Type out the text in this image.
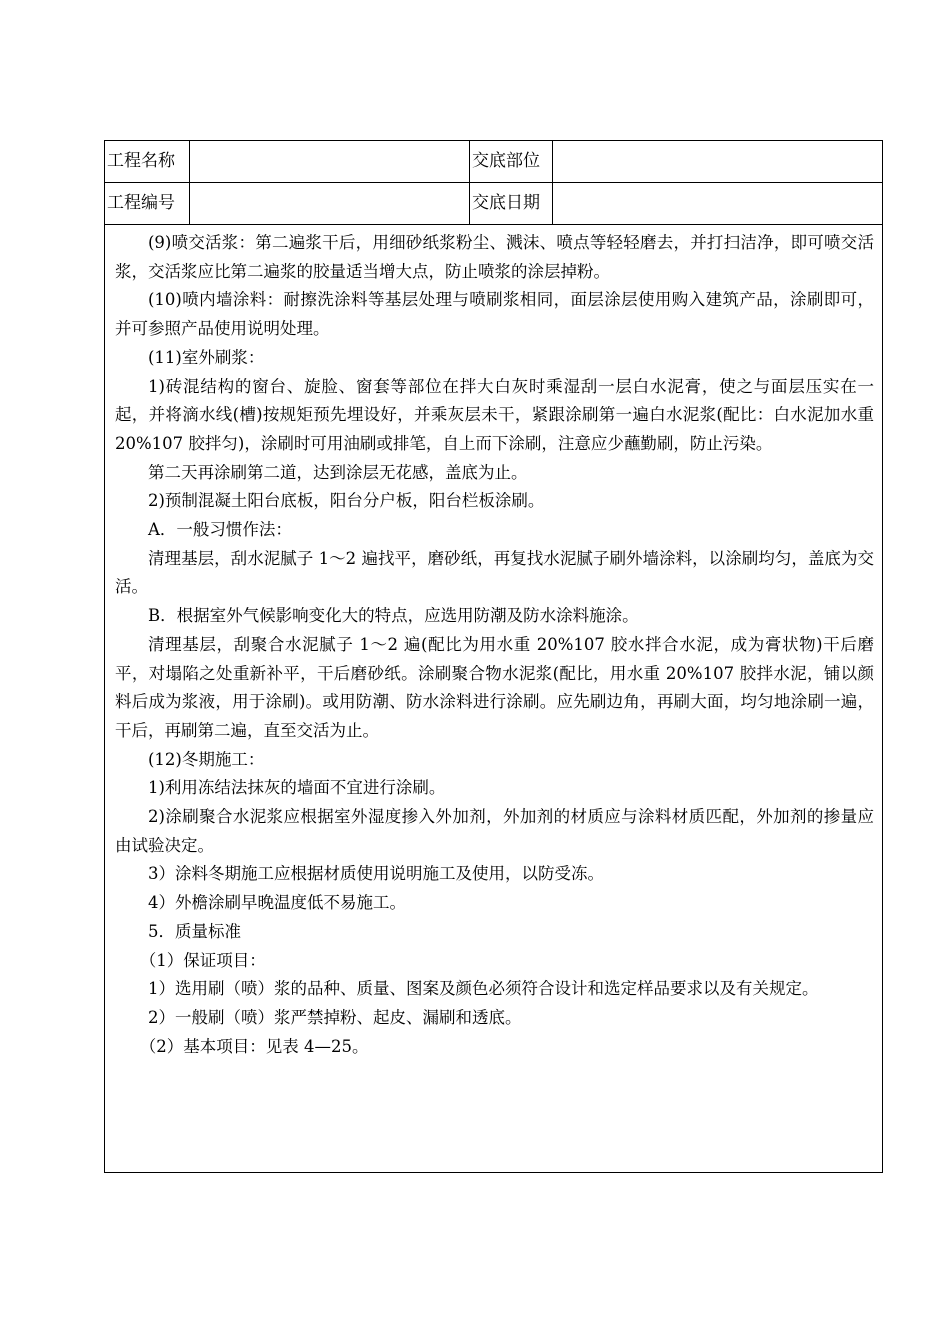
工程名称	交底部位
工程编号	交底日期

(9)喷交活浆：第二遍浆干后，用细砂纸浆粉尘、溅沫、喷点等轻轻磨去，并打扫洁净，即可喷交活浆，交活浆应比第二遍浆的胶量适当增大点，防止喷浆的涂层掉粉。

(10)喷内墙涂料：耐擦洗涂料等基层处理与喷刷浆相同，面层涂层使用购入建筑产品，涂刷即可，并可参照产品使用说明处理。

(11)室外刷浆：

1)砖混结构的窗台、旋脸、窗套等部位在拌大白灰时乘湿刮一层白水泥膏，使之与面层压实在一起，并将滴水线(槽)按规矩预先埋设好，并乘灰层未干，紧跟涂刷第一遍白水泥浆(配比：白水泥加水重 20%107 胶拌匀)，涂刷时可用油刷或排笔，自上而下涂刷，注意应少蘸勤刷，防止污染。

第二天再涂刷第二道，达到涂层无花感，盖底为止。

2)预制混凝土阳台底板，阳台分户板，阳台栏板涂刷。

A．一般习惯作法：

清理基层，刮水泥腻子 1～2 遍找平，磨砂纸，再复找水泥腻子刷外墙涂料，以涂刷均匀，盖底为交活。

B．根据室外气候影响变化大的特点，应选用防潮及防水涂料施涂。

清理基层，刮聚合水泥腻子 1～2 遍(配比为用水重 20%107 胶水拌合水泥，成为膏状物)干后磨平，对塌陷之处重新补平，干后磨砂纸。涂刷聚合物水泥浆(配比，用水重 20%107 胶拌水泥，铺以颜料后成为浆液，用于涂刷)。或用防潮、防水涂料进行涂刷。应先刷边角，再刷大面，均匀地涂刷一遍，干后，再刷第二遍，直至交活为止。

(12)冬期施工：

1)利用冻结法抹灰的墙面不宜进行涂刷。

2)涂刷聚合水泥浆应根据室外湿度掺入外加剂，外加剂的材质应与涂料材质匹配，外加剂的掺量应由试验决定。

3）涂料冬期施工应根据材质使用说明施工及使用，以防受冻。

4）外檐涂刷早晚温度低不易施工。

5．质量标准

（1）保证项目：

1）选用刷（喷）浆的品种、质量、图案及颜色必须符合设计和选定样品要求以及有关规定。

2）一般刷（喷）浆严禁掉粉、起皮、漏刷和透底。

（2）基本项目：见表 4—25。
